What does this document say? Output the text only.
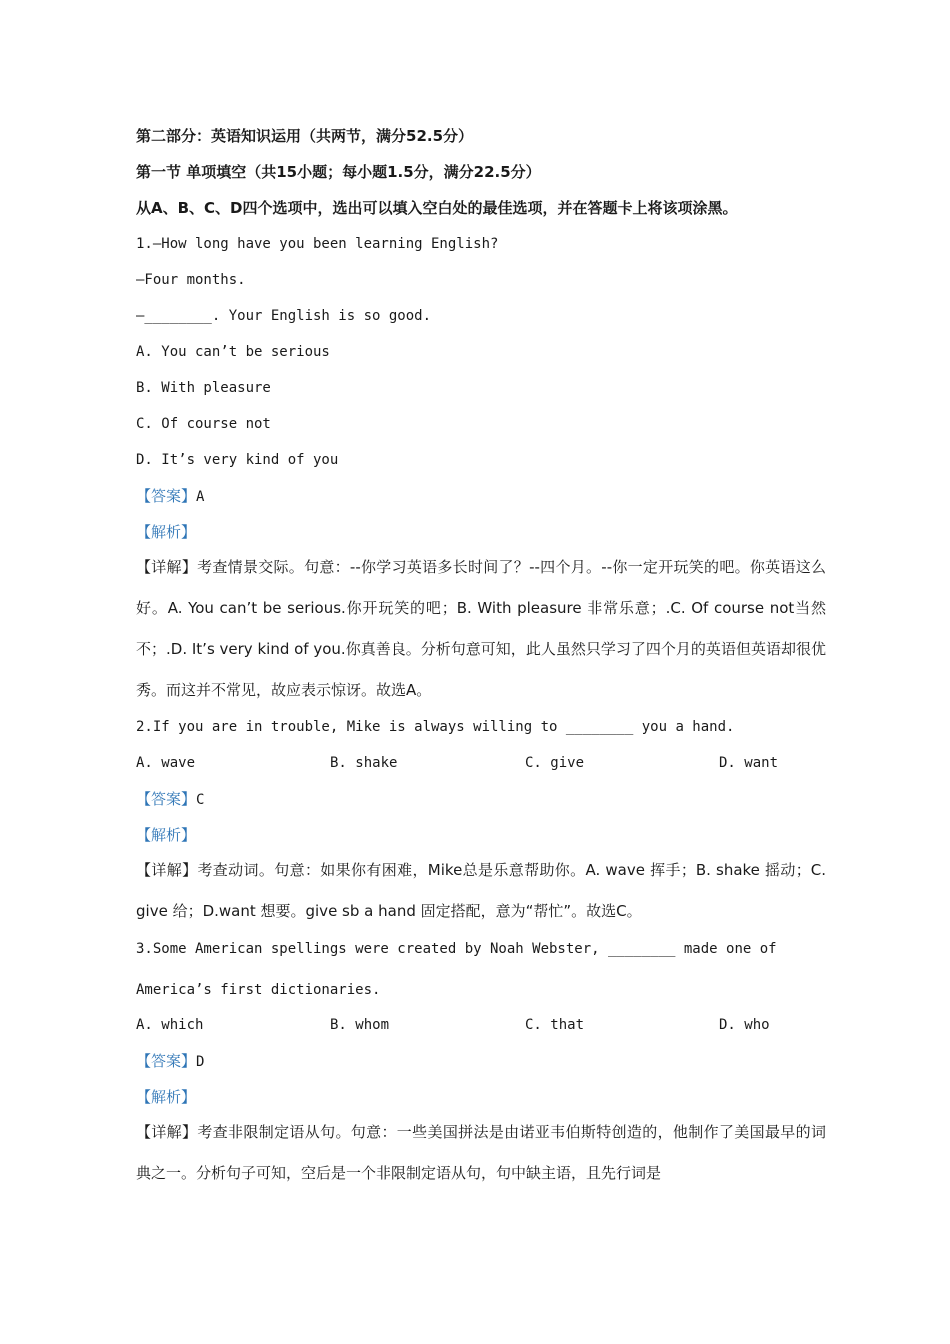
第二部分：英语知识运用（共两节，满分52.5分）
第一节 单项填空（共15小题；每小题1.5分，满分22.5分）
从A、B、C、D四个选项中，选出可以填入空白处的最佳选项，并在答题卡上将该项涂黑。
1.—How long have you been learning English?
—Four months.
—________. Your English is so good.
A. You can’t be serious
B. With pleasure
C. Of course not
D. It’s very kind of you
【答案】A
【解析】
【详解】考查情景交际。句意：--你学习英语多长时间了？--四个月。--你一定开玩笑的吧。你英语这么好。A. You can’t be serious.你开玩笑的吧；B. With pleasure 非常乐意；.C. Of course not当然不；.D. It’s very kind of you.你真善良。分析句意可知，此人虽然只学习了四个月的英语但英语却很优秀。而这并不常见，故应表示惊讶。故选A。
2.If you are in trouble, Mike is always willing to ________ you a hand.
A. wave	B. shake	C. give	D. want
【答案】C
【解析】
【详解】考查动词。句意：如果你有困难，Mike总是乐意帮助你。A. wave 挥手；B. shake 摇动；C. give 给；D.want 想要。give sb a hand 固定搭配，意为“帮忙”。故选C。
3.Some American spellings were created by Noah Webster, ________ made one of
America’s first dictionaries.
A. which	B. whom	C. that	D. who
【答案】D
【解析】
【详解】考查非限制定语从句。句意：一些美国拼法是由诺亚韦伯斯特创造的，他制作了美国最早的词典之一。分析句子可知，空后是一个非限制定语从句，句中缺主语，且先行词是
